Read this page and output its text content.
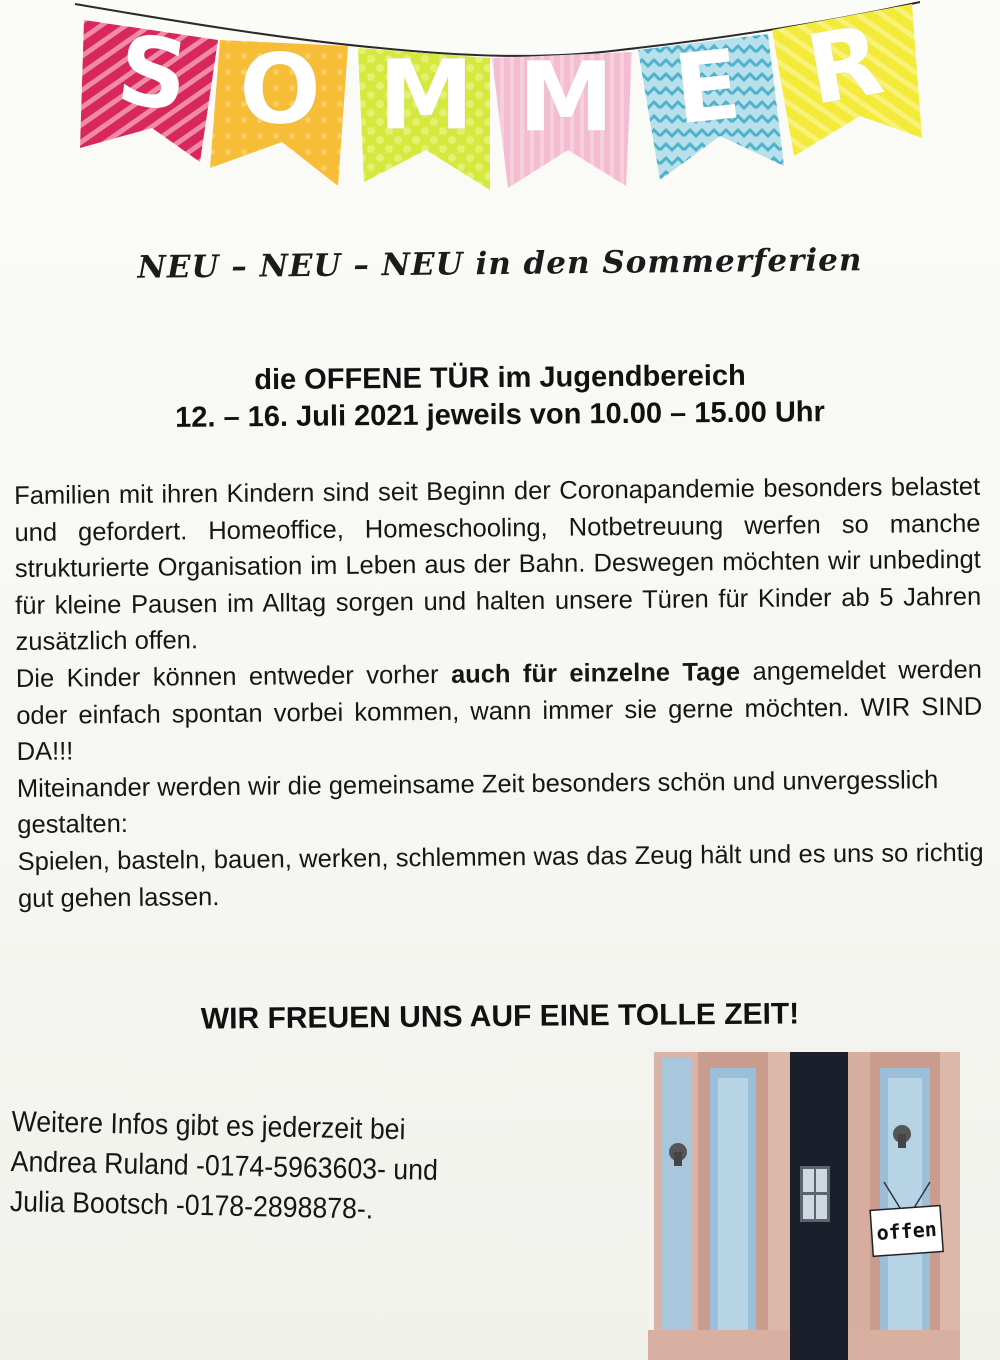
S O M M E R
NEU – NEU – NEU in den Sommerferien
die OFFENE TÜR im Jugendbereich
12. – 16. Juli 2021 jeweils von 10.00 – 15.00 Uhr

Familien mit ihren Kindern sind seit Beginn der Coronapandemie besonders belastet und gefordert. Homeoffice, Homeschooling, Notbetreuung werfen so manche strukturierte Organisation im Leben aus der Bahn. Deswegen möchten wir unbedingt für kleine Pausen im Alltag sorgen und halten unsere Türen für Kinder ab 5 Jahren zusätzlich offen.

Die Kinder können entweder vorher auch für einzelne Tage angemeldet werden oder einfach spontan vorbei kommen, wann immer sie gerne möchten. WIR SIND DA!!!

Miteinander werden wir die gemeinsame Zeit besonders schön und unvergesslich gestalten:

Spielen, basteln, bauen, werken, schlemmen was das Zeug hält und es uns so richtig gut gehen lassen.

WIR FREUEN UNS AUF EINE TOLLE ZEIT!
Weitere Infos gibt es jederzeit bei
Andrea Ruland -0174-5963603- und
Julia Bootsch -0178-2898878-.
offen
